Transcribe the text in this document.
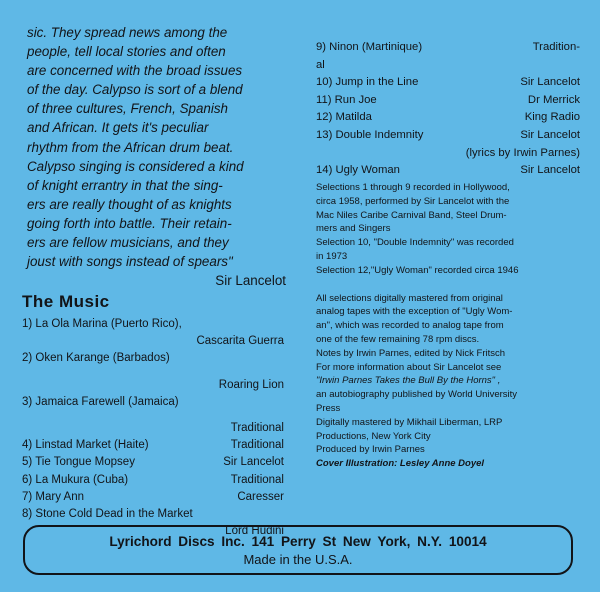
sic. They spread news among the

people, tell local stories and often

are concerned with the broad issues

of the day. Calypso is sort of a blend

of three cultures, French, Spanish

and African. It gets it's peculiar

rhythm from the African drum beat.

Calypso singing is considered a kind

of knight errantry in that the sing-

ers are really thought of as knights

going forth into battle. Their retain-

ers are fellow musicians, and they

joust with songs instead of spears"

Sir Lancelot

The Music
1) La Ola Marina (Puerto Rico),
Cascarita Guerra
2) Oken Karange (Barbados)
Roaring Lion
3) Jamaica Farewell (Jamaica)
Traditional
4) Linstad Market (Haite)	Traditional
5) Tie Tongue Mopsey	Sir Lancelot
6) La Mukura (Cuba)	Traditional
7) Mary Ann	Caresser
8) Stone Cold Dead in the Market
Lord Hudini
9) Ninon (Martinique)	Tradition-
al
10) Jump in the Line	Sir Lancelot
11) Run Joe	Dr Merrick
12) Matilda	King Radio
13) Double Indemnity	Sir Lancelot
(lyrics by Irwin Parnes)
14) Ugly Woman	Sir Lancelot

Selections 1 through 9 recorded in Hollywood,

circa 1958, performed by Sir Lancelot with the

Mac Niles Caribe Carnival Band, Steel Drum-

mers and Singers

Selection 10, "Double Indemnity" was recorded

in 1973

Selection 12,"Ugly Woman" recorded circa 1946

All selections digitally mastered from original

analog tapes with the exception of "Ugly Wom-

an", which was recorded to analog tape from

one of the few remaining 78 rpm discs.

Notes by Irwin Parnes, edited by Nick Fritsch

For more information about Sir Lancelot see

"Irwin Parnes Takes the Bull By the Horns" ,

an autobiography published by World University

Press

Digitally mastered by Mikhail Liberman, LRP

Productions, New York City

Produced by Irwin Parnes

Cover Illustration: Lesley Anne Doyel

Lyrichord Discs Inc. 141 Perry St New York, N.Y. 10014
Made in the U.S.A.
